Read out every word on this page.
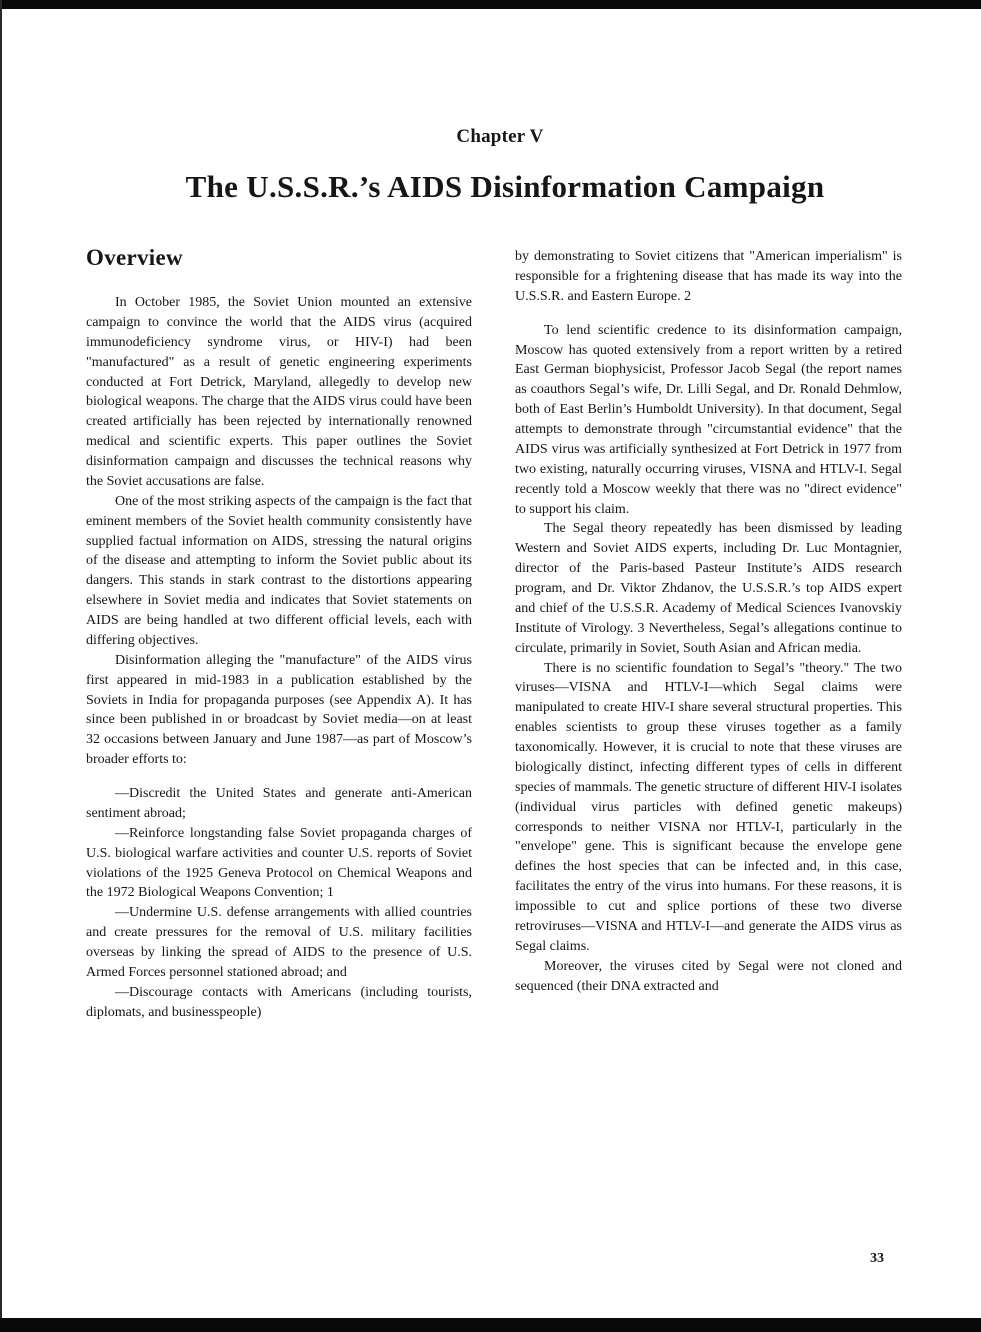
Chapter V
The U.S.S.R.’s AIDS Disinformation Campaign
Overview

In October 1985, the Soviet Union mounted an extensive campaign to convince the world that the AIDS virus (acquired immunodeficiency syndrome virus, or HIV-I) had been "manufactured" as a result of genetic engineering experiments conducted at Fort Detrick, Maryland, allegedly to develop new biological weapons. The charge that the AIDS virus could have been created artificially has been rejected by internationally renowned medical and scientific experts. This paper outlines the Soviet disinformation campaign and discusses the technical reasons why the Soviet accusations are false.

One of the most striking aspects of the campaign is the fact that eminent members of the Soviet health community consistently have supplied factual information on AIDS, stressing the natural origins of the disease and attempting to inform the Soviet public about its dangers. This stands in stark contrast to the distortions appearing elsewhere in Soviet media and indicates that Soviet statements on AIDS are being handled at two different official levels, each with differing objectives.

Disinformation alleging the "manufacture" of the AIDS virus first appeared in mid-1983 in a publication established by the Soviets in India for propaganda purposes (see Appendix A). It has since been published in or broadcast by Soviet media—on at least 32 occasions between January and June 1987—as part of Moscow’s broader efforts to:

—Discredit the United States and generate anti-American sentiment abroad;

—Reinforce longstanding false Soviet propaganda charges of U.S. biological warfare activities and counter U.S. reports of Soviet violations of the 1925 Geneva Protocol on Chemical Weapons and the 1972 Biological Weapons Convention; 1

—Undermine U.S. defense arrangements with allied countries and create pressures for the removal of U.S. military facilities overseas by linking the spread of AIDS to the presence of U.S. Armed Forces personnel stationed abroad; and

—Discourage contacts with Americans (including tourists, diplomats, and businesspeople)

by demonstrating to Soviet citizens that "American imperialism" is responsible for a frightening disease that has made its way into the U.S.S.R. and Eastern Europe. 2

To lend scientific credence to its disinformation campaign, Moscow has quoted extensively from a report written by a retired East German biophysicist, Professor Jacob Segal (the report names as coauthors Segal’s wife, Dr. Lilli Segal, and Dr. Ronald Dehmlow, both of East Berlin’s Humboldt University). In that document, Segal attempts to demonstrate through "circumstantial evidence" that the AIDS virus was artificially synthesized at Fort Detrick in 1977 from two existing, naturally occurring viruses, VISNA and HTLV-I. Segal recently told a Moscow weekly that there was no "direct evidence" to support his claim.

The Segal theory repeatedly has been dismissed by leading Western and Soviet AIDS experts, including Dr. Luc Montagnier, director of the Paris-based Pasteur Institute’s AIDS research program, and Dr. Viktor Zhdanov, the U.S.S.R.’s top AIDS expert and chief of the U.S.S.R. Academy of Medical Sciences Ivanovskiy Institute of Virology. 3 Nevertheless, Segal’s allegations continue to circulate, primarily in Soviet, South Asian and African media.

There is no scientific foundation to Segal’s "theory." The two viruses—VISNA and HTLV-I—which Segal claims were manipulated to create HIV-I share several structural properties. This enables scientists to group these viruses together as a family taxonomically. However, it is crucial to note that these viruses are biologically distinct, infecting different types of cells in different species of mammals. The genetic structure of different HIV-I isolates (individual virus particles with defined genetic makeups) corresponds to neither VISNA nor HTLV-I, particularly in the "envelope" gene. This is significant because the envelope gene defines the host species that can be infected and, in this case, facilitates the entry of the virus into humans. For these reasons, it is impossible to cut and splice portions of these two diverse retroviruses—VISNA and HTLV-I—and generate the AIDS virus as Segal claims.

Moreover, the viruses cited by Segal were not cloned and sequenced (their DNA extracted and

33
